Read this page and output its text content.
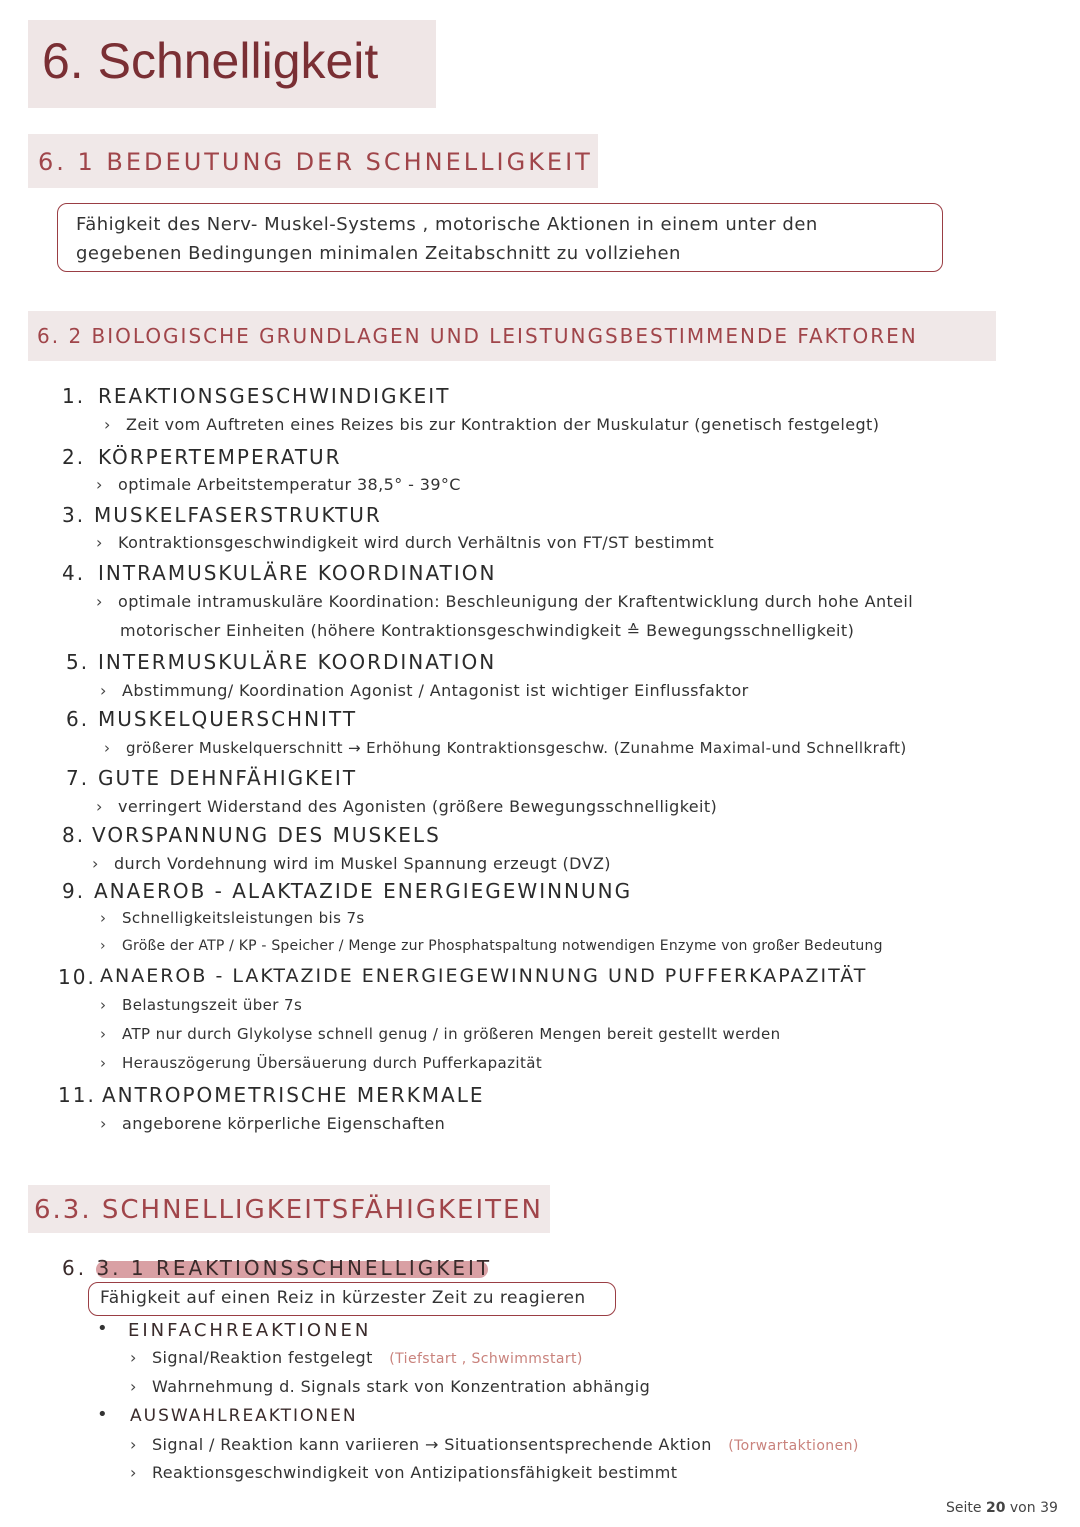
6. Schnelligkeit
6. 1 BEDEUTUNG DER SCHNELLIGKEIT
Fähigkeit des Nerv- Muskel-Systems , motorische Aktionen in einem unter den
gegebenen Bedingungen minimalen Zeitabschnitt zu vollziehen
6. 2 BIOLOGISCHE GRUNDLAGEN UND LEISTUNGSBESTIMMENDE FAKTOREN
1. REAKTIONSGESCHWINDIGKEIT
› Zeit vom Auftreten eines Reizes bis zur Kontraktion der Muskulatur (genetisch festgelegt)
2. KÖRPERTEMPERATUR
› optimale Arbeitstemperatur 38,5° - 39°C
3. MUSKELFASERSTRUKTUR
› Kontraktionsgeschwindigkeit wird durch Verhältnis von FT/ST bestimmt
4. INTRAMUSKULÄRE KOORDINATION
› optimale intramuskuläre Koordination: Beschleunigung der Kraftentwicklung durch hohe Anteil
motorischer Einheiten (höhere Kontraktionsgeschwindigkeit ≙ Bewegungsschnelligkeit)
5. INTERMUSKULÄRE KOORDINATION
› Abstimmung/ Koordination Agonist / Antagonist ist wichtiger Einflussfaktor
6. MUSKELQUERSCHNITT
› größerer Muskelquerschnitt → Erhöhung Kontraktionsgeschw. (Zunahme Maximal-und Schnellkraft)
7. GUTE DEHNFÄHIGKEIT
› verringert Widerstand des Agonisten (größere Bewegungsschnelligkeit)
8. VORSPANNUNG DES MUSKELS
› durch Vordehnung wird im Muskel Spannung erzeugt (DVZ)
9. ANAEROB - ALAKTAZIDE ENERGIEGEWINNUNG
› Schnelligkeitsleistungen bis 7s
› Größe der ATP / KP - Speicher / Menge zur Phosphatspaltung notwendigen Enzyme von großer Bedeutung
10. ANAEROB - LAKTAZIDE ENERGIEGEWINNUNG UND PUFFERKAPAZITÄT
› Belastungszeit über 7s
› ATP nur durch Glykolyse schnell genug / in größeren Mengen bereit gestellt werden
› Herauszögerung Übersäuerung durch Pufferkapazität
11. ANTROPOMETRISCHE MERKMALE
› angeborene körperliche Eigenschaften
6.3. SCHNELLIGKEITSFÄHIGKEITEN
6. 3. 1 REAKTIONSSCHNELLIGKEIT
Fähigkeit auf einen Reiz in kürzester Zeit zu reagieren
• EINFACHREAKTIONEN
› Signal/Reaktion festgelegt (Tiefstart , Schwimmstart)
› Wahrnehmung d. Signals stark von Konzentration abhängig
• AUSWAHLREAKTIONEN
› Signal / Reaktion kann variieren → Situationsentsprechende Aktion (Torwartaktionen)
› Reaktionsgeschwindigkeit von Antizipationsfähigkeit bestimmt
Seite 20 von 39
